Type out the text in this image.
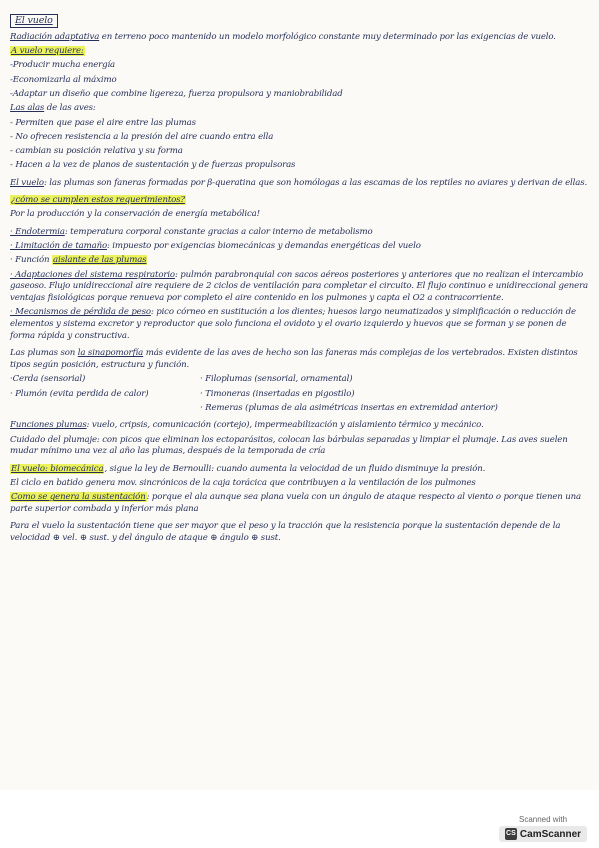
El vuelo

Radiación adaptativa en terreno poco mantenido un modelo morfológico constante muy determinado por las exigencias de vuelo.

A vuelo requiere:

-Producir mucha energía

-Economizarla al máximo

-Adaptar un diseño que combine ligereza, fuerza propulsora y maniobrabilidad

Las alas de las aves:

- Permiten que pase el aire entre las plumas

- No ofrecen resistencia a la presión del aire cuando entra ella

- cambian su posición relativa y su forma

- Hacen a la vez de planos de sustentación y de fuerzas propulsoras

El vuelo: las plumas son faneras formadas por β-queratina que son homólogas a las escamas de los reptiles no aviares y derivan de ellas.

¿cómo se cumplen estos requerimientos?

Por la producción y la conservación de energía metabólica!

· Endotermia: temperatura corporal constante gracias a calor interno de metabolismo

· Limitación de tamaño: impuesto por exigencias biomecánicas y demandas energéticas del vuelo

· Función aislante de las plumas

· Adaptaciones del sistema respiratorio: pulmón parabronquial con sacos aéreos posteriores y anteriores que no realizan el intercambio gaseoso. Flujo unidireccional aire requiere de 2 ciclos de ventilación para completar el circuito. El flujo continuo e unidireccional genera ventajas fisiológicas porque renueva por completo el aire contenido en los pulmones y capta el O2 a contracorriente.

· Mecanismos de pérdida de peso: pico córneo en sustitución a los dientes; huesos largo neumatizados y simplificación o reducción de elementos y sistema excretor y reproductor que solo funciona el ovidoto y el ovario izquierdo y huevos que se forman y se ponen de forma rápida y constructiva.

Las plumas son la sinapomorfía más evidente de las aves de hecho son las faneras más complejas de los vertebrados. Existen distintos tipos según posición, estructura y función.

·Cerda (sensorial)

· Plumón (evita perdida de calor)

· Filoplumas (sensorial, ornamental)

· Timoneras (insertadas en pigostilo)

· Remeras (plumas de ala asimétricas insertas en extremidad anterior)

Funciones plumas: vuelo, cripsis, comunicación (cortejo), impermeabilización y aislamiento térmico y mecánico.

Cuidado del plumaje: con picos que eliminan los ectoparásitos, colocan las bárbulas separadas y limpiar el plumaje. Las aves suelen mudar mínimo una vez al año las plumas, después de la temporada de cría

El vuelo: biomecánica, sigue la ley de Bernoulli: cuando aumenta la velocidad de un fluido disminuye la presión.

El ciclo en batido genera mov. sincrónicos de la caja torácica que contribuyen a la ventilación de los pulmones

Como se genera la sustentación: porque el ala aunque sea plana vuela con un ángulo de ataque respecto al viento o porque tienen una parte superior combada y inferior más plana

Para el vuelo la sustentación tiene que ser mayor que el peso y la tracción que la resistencia porque la sustentación depende de la velocidad ⊕ vel. ⊕ sust. y del ángulo de ataque ⊕ ángulo ⊕ sust.

Scanned with
CS CamScanner
